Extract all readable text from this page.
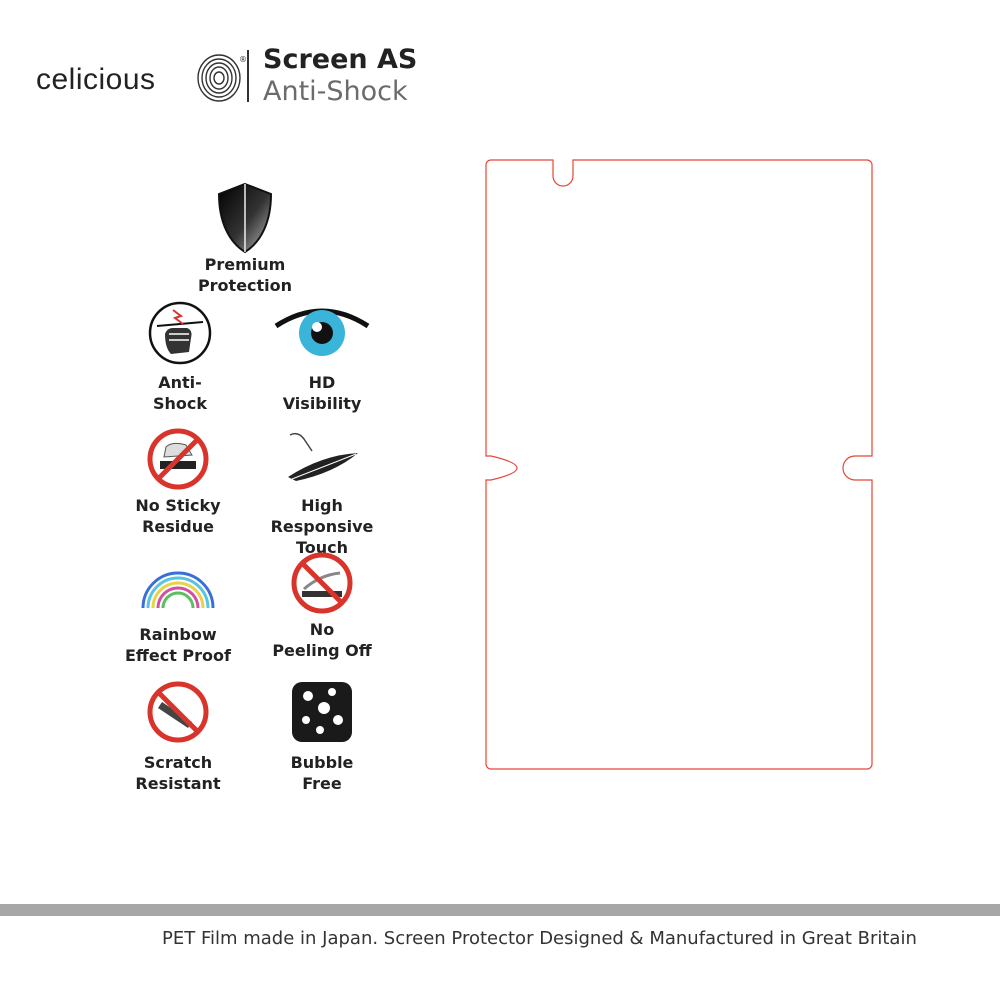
celicious
® Screen AS
Anti-Shock
Premium
Protection
Anti-
Shock
HD
Visibility
No Sticky
Residue
High Responsive
Touch
Rainbow
Effect Proof
No
Peeling Off
Scratch
Resistant
Bubble
Free
PET Film made in Japan. Screen Protector Designed & Manufactured in Great Britain
